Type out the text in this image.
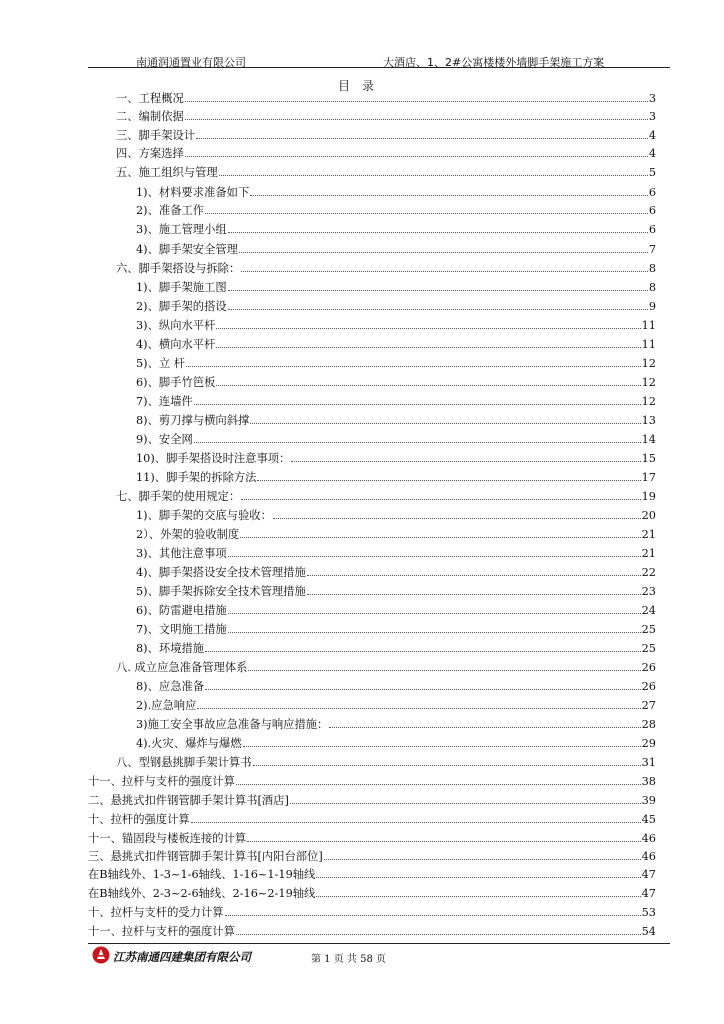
南通润通置业有限公司	大酒店、1、2#公寓楼楼外墙脚手架施工方案
目录
一、工程概况	3
二、编制依据	3
三、脚手架设计	4
四、方案选择	4
五、施工组织与管理	5
1)、材料要求准备如下	6
2)、准备工作	6
3)、施工管理小组	6
4)、脚手架安全管理	7
六、脚手架搭设与拆除：	8
1)、脚手架施工图	8
2)、脚手架的搭设	9
3)、纵向水平杆	11
4)、横向水平杆	11
5)、立 杆	12
6)、脚手竹笆板	12
7)、连墙件	12
8)、剪刀撑与横向斜撑	13
9)、安全网	14
10)、脚手架搭设时注意事项：	15
11)、脚手架的拆除方法	17
七、脚手架的使用规定：	19
1)、脚手架的交底与验收：	20
2）、外架的验收制度	21
3)、其他注意事项	21
4)、脚手架搭设安全技术管理措施	22
5)、脚手架拆除安全技术管理措施	23
6)、防雷避电措施	24
7)、文明施工措施	25
8)、环境措施	25
八. 成立应急准备管理体系	26
8)、应急准备	26
2).应急响应	27
3)施工安全事故应急准备与响应措施：	28
4).火灾、爆炸与爆燃	29
八、型钢悬挑脚手架计算书	31
十一、拉杆与支杆的强度计算	38
二、悬挑式扣件钢管脚手架计算书[酒店]	39
十、拉杆的强度计算	45
十一、锚固段与楼板连接的计算	46
三、悬挑式扣件钢管脚手架计算书[内阳台部位]	46
在B轴线外、1-3~1-6轴线、1-16~1-19轴线	47
在B轴线外、2-3~2-6轴线、2-16~2-19轴线	47
十、拉杆与支杆的受力计算	53
十一、拉杆与支杆的强度计算	54
江苏南通四建集团有限公司	第 1 页 共 58 页
